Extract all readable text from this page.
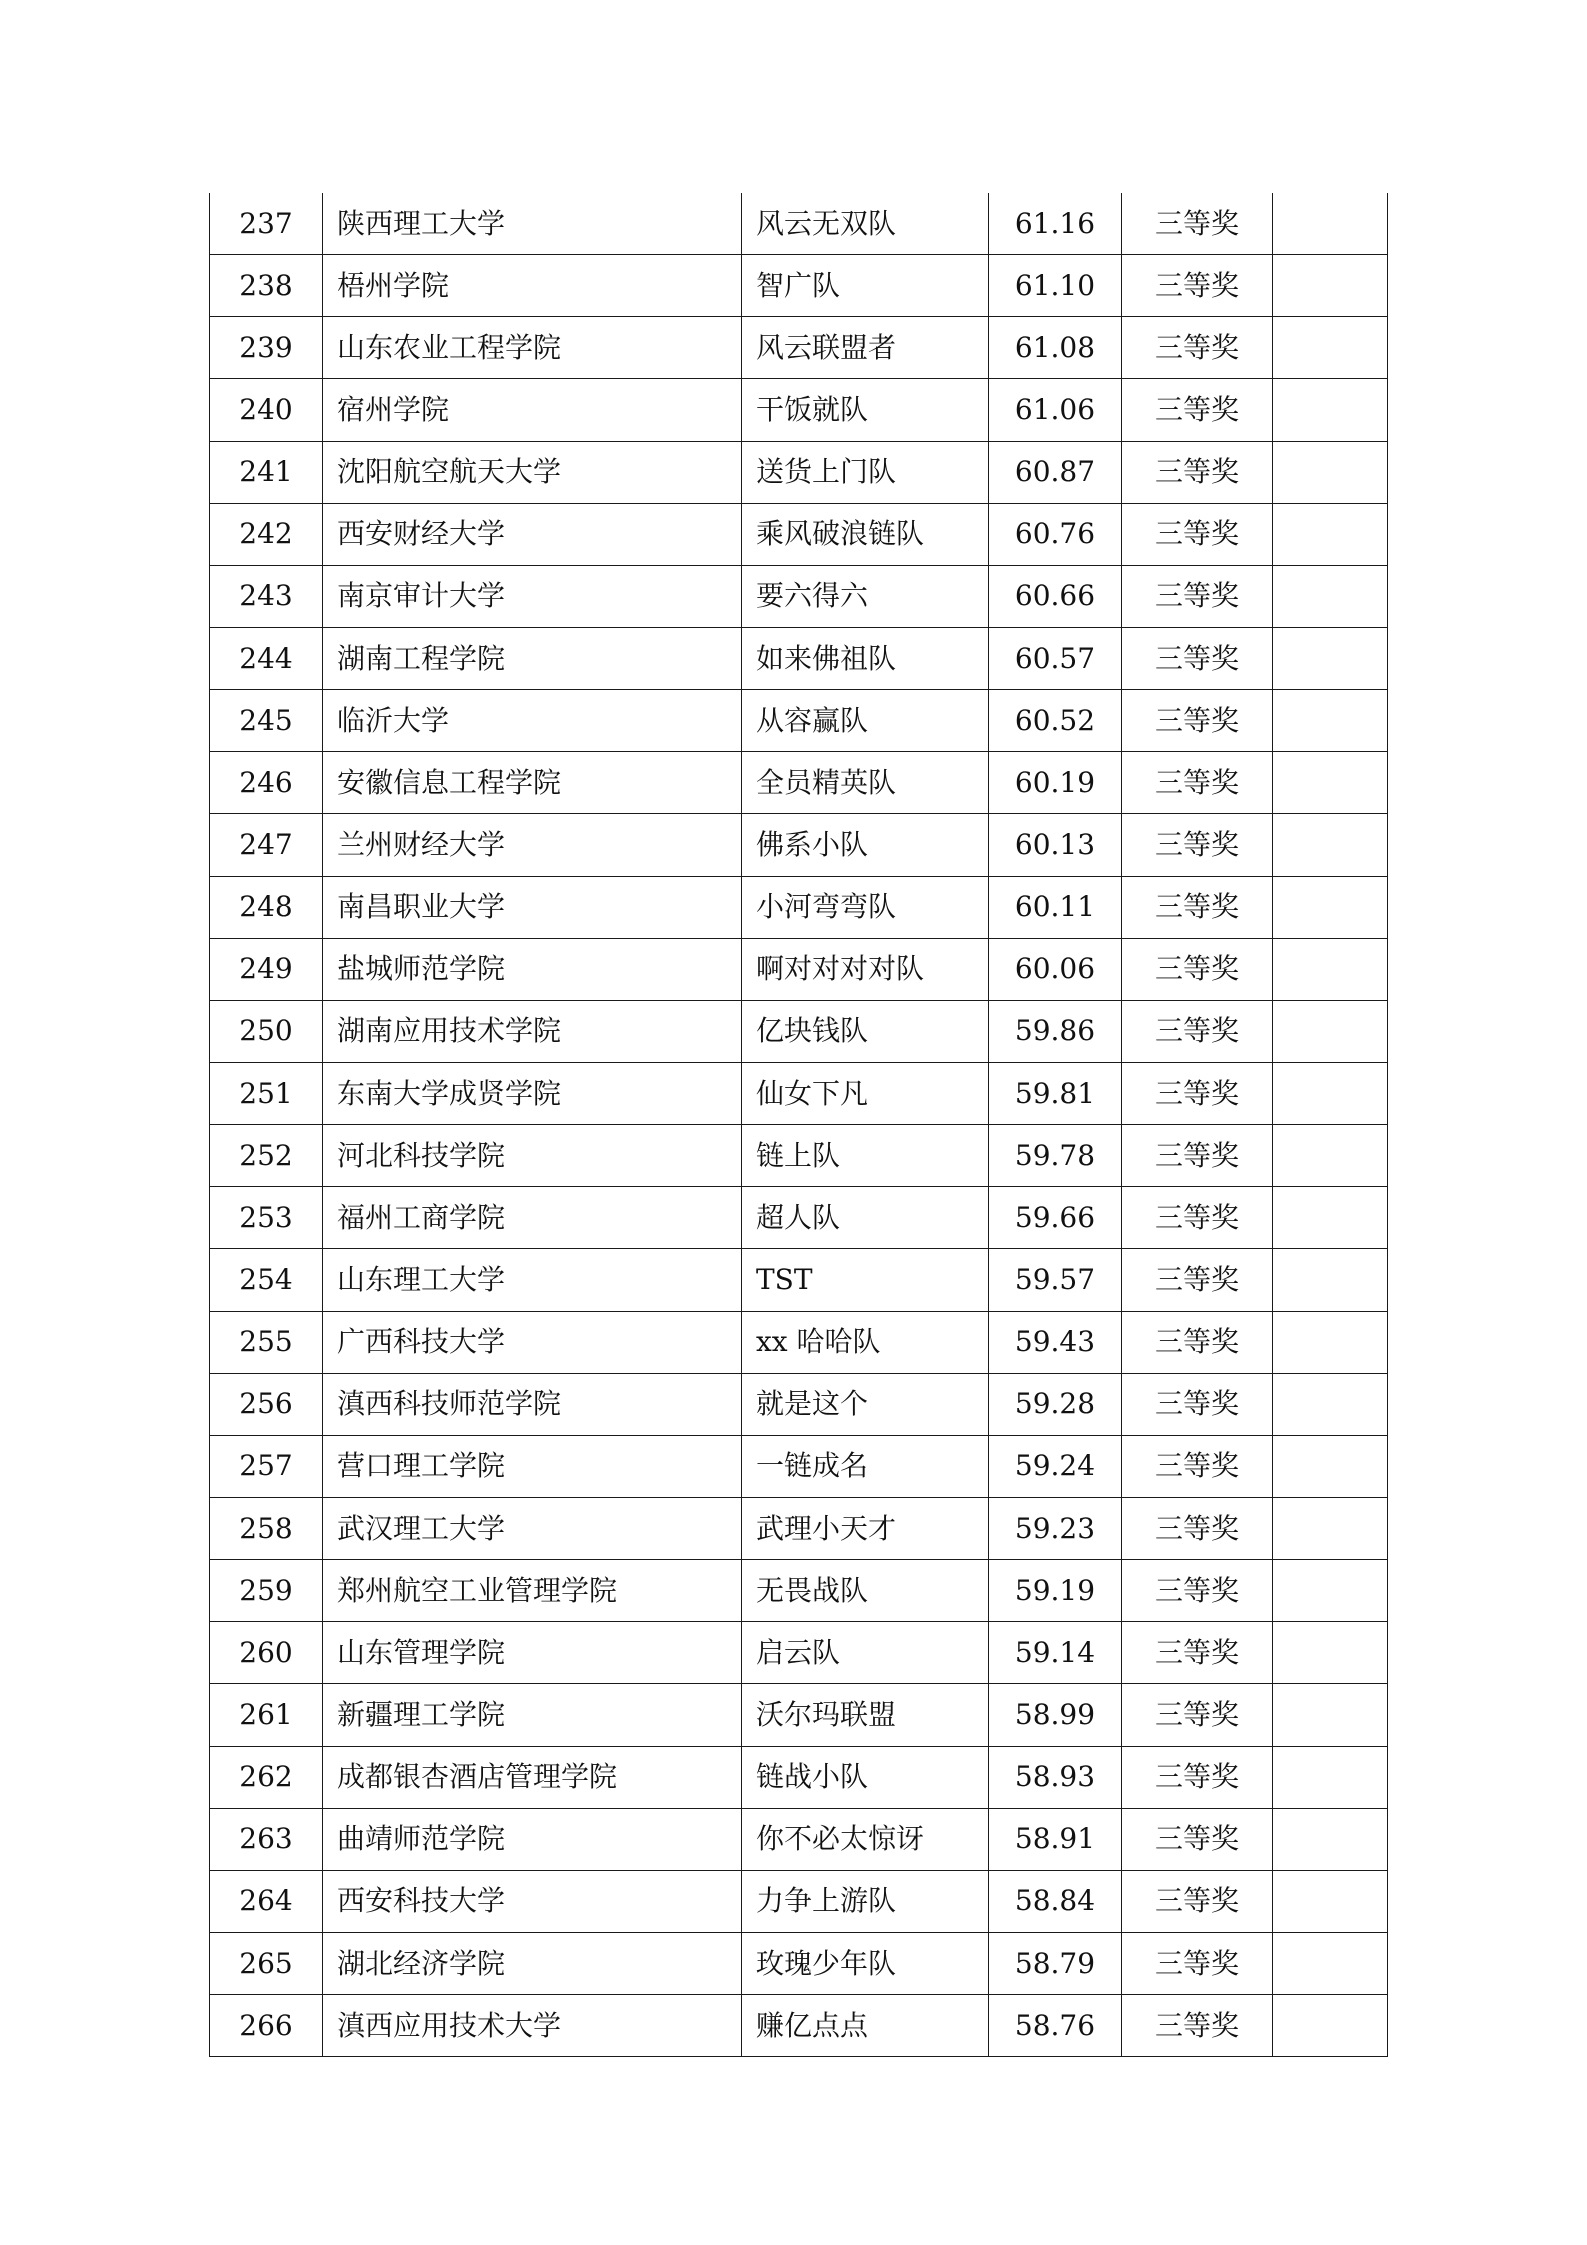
237	陕西理工大学	风云无双队	61.16	三等奖	
238	梧州学院	智广队	61.10	三等奖	
239	山东农业工程学院	风云联盟者	61.08	三等奖	
240	宿州学院	干饭就队	61.06	三等奖	
241	沈阳航空航天大学	送货上门队	60.87	三等奖	
242	西安财经大学	乘风破浪链队	60.76	三等奖	
243	南京审计大学	要六得六	60.66	三等奖	
244	湖南工程学院	如来佛祖队	60.57	三等奖	
245	临沂大学	从容赢队	60.52	三等奖	
246	安徽信息工程学院	全员精英队	60.19	三等奖	
247	兰州财经大学	佛系小队	60.13	三等奖	
248	南昌职业大学	小河弯弯队	60.11	三等奖	
249	盐城师范学院	啊对对对对队	60.06	三等奖	
250	湖南应用技术学院	亿块钱队	59.86	三等奖	
251	东南大学成贤学院	仙女下凡	59.81	三等奖	
252	河北科技学院	链上队	59.78	三等奖	
253	福州工商学院	超人队	59.66	三等奖	
254	山东理工大学	TST	59.57	三等奖	
255	广西科技大学	xx 哈哈队	59.43	三等奖	
256	滇西科技师范学院	就是这个	59.28	三等奖	
257	营口理工学院	一链成名	59.24	三等奖	
258	武汉理工大学	武理小天才	59.23	三等奖	
259	郑州航空工业管理学院	无畏战队	59.19	三等奖	
260	山东管理学院	启云队	59.14	三等奖	
261	新疆理工学院	沃尔玛联盟	58.99	三等奖	
262	成都银杏酒店管理学院	链战小队	58.93	三等奖	
263	曲靖师范学院	你不必太惊讶	58.91	三等奖	
264	西安科技大学	力争上游队	58.84	三等奖	
265	湖北经济学院	玫瑰少年队	58.79	三等奖	
266	滇西应用技术大学	赚亿点点	58.76	三等奖	
